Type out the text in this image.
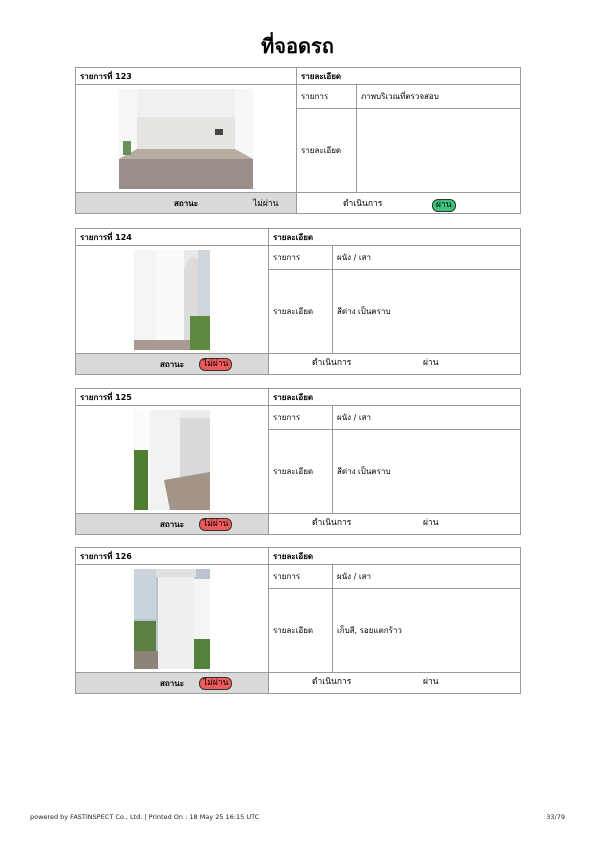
ที่จอดรถ
รายการที่ 123	รายละเอียด	
	รายการ	ภาพบริเวณที่ตรวจสอบ
	รายละเอียด	
สถานะ			ไม่ผ่าน	ดำเนินการ	ผ่าน
รายการที่ 124	รายละเอียด	
	รายการ	ผนัง / เสา
	รายละเอียด	สีด่าง เป็นคราบ
สถานะ			ไม่ผ่าน	ดำเนินการ	ผ่าน
รายการที่ 125	รายละเอียด	
	รายการ	ผนัง / เสา
	รายละเอียด	สีด่าง เป็นคราบ
สถานะ			ไม่ผ่าน	ดำเนินการ	ผ่าน
รายการที่ 126	รายละเอียด	
	รายการ	ผนัง / เสา
	รายละเอียด	เก็บสี, รอยแตกร้าว
สถานะ			ไม่ผ่าน	ดำเนินการ	ผ่าน
powered by FASTINSPECT Co., Ltd. | Printed On : 18 May 25 16:15 UTC	33/79
